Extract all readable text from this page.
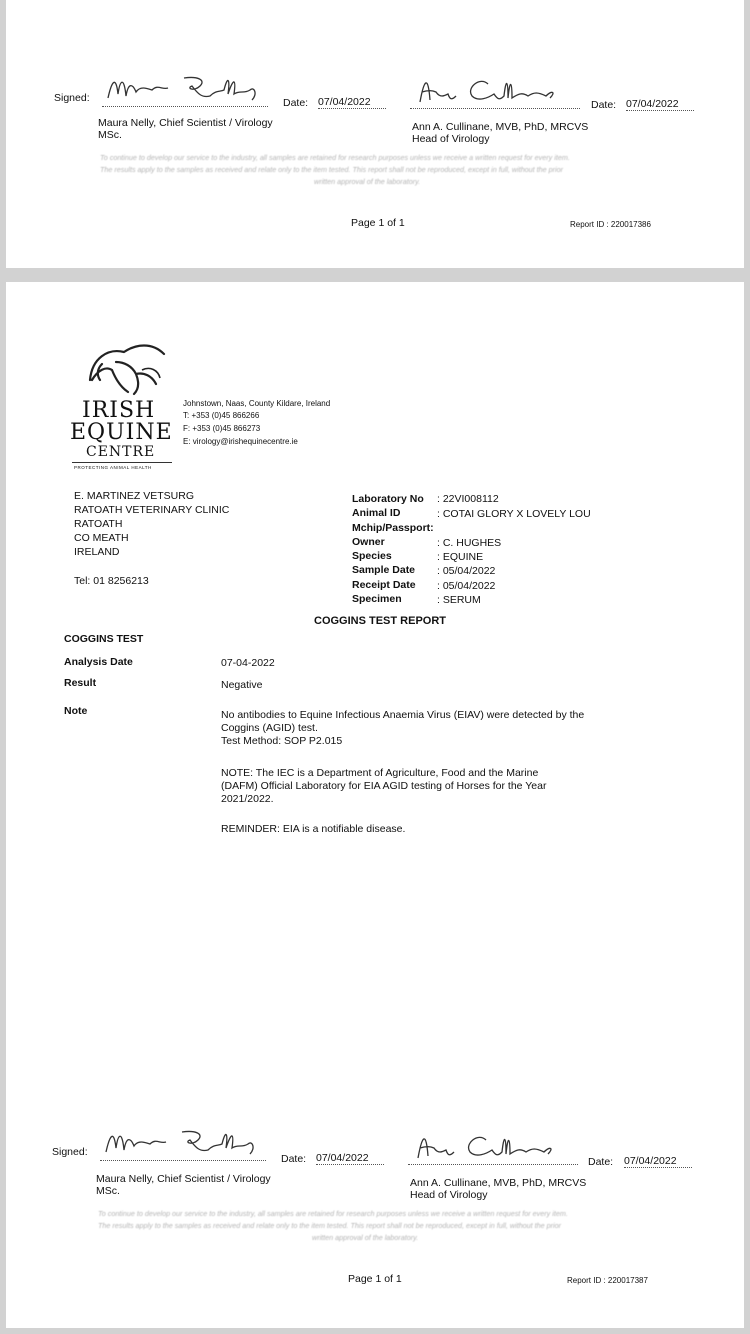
Signed:	Date: 07/04/2022	Date: 07/04/2022
Maura Nelly, Chief Scientist / Virology
MSc.
Ann A. Cullinane, MVB, PhD, MRCVS
Head of Virology
To continue to develop our service to the industry, all samples are retained for research purposes unless we receive a written request for every item.
The results apply to the samples as received and relate only to the item tested. This report shall not be reproduced, except in full, without the prior
written approval of the laboratory.
Page 1 of 1	Report ID : 220017386
IRISH
EQUINE
CENTRE
PROTECTING ANIMAL HEALTH
Johnstown, Naas, County Kildare, Ireland
T: +353 (0)45 866266
F: +353 (0)45 866273
E: virology@irishequinecentre.ie
E. MARTINEZ VETSURG
RATOATH VETERINARY CLINIC
RATOATH
CO MEATH
IRELAND
Tel: 01 8256213
Laboratory No : 22VI008112
Animal ID	: COTAI GLORY X LOVELY LOU
Mchip/Passport:
Owner	: C. HUGHES
Species	: EQUINE
Sample Date : 05/04/2022
Receipt Date : 05/04/2022
Specimen	: SERUM
COGGINS TEST REPORT
COGGINS TEST
Analysis Date	07-04-2022
Result	Negative
Note	No antibodies to Equine Infectious Anaemia Virus (EIAV) were detected by the Coggins (AGID) test.
Test Method: SOP P2.015
NOTE: The IEC is a Department of Agriculture, Food and the Marine (DAFM) Official Laboratory for EIA AGID testing of Horses for the Year 2021/2022.
REMINDER: EIA is a notifiable disease.
Signed:
Date: 07/04/2022	Date: 07/04/2022
Maura Nelly, Chief Scientist / Virology
MSc.
Ann A. Cullinane, MVB, PhD, MRCVS
Head of Virology
To continue to develop our service to the industry, all samples are retained for research purposes unless we receive a written request for every item.
The results apply to the samples as received and relate only to the item tested. This report shall not be reproduced, except in full, without the prior
written approval of the laboratory.
Page 1 of 1	Report ID : 220017387
